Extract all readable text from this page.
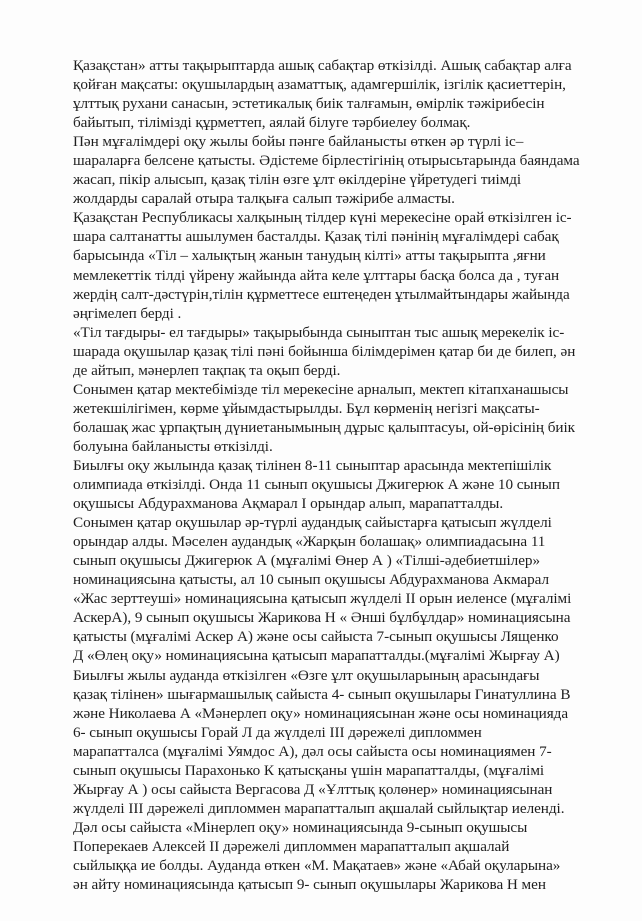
Қазақстан» атты тақырыптарда ашық сабақтар өткізілді. Ашық сабақтар алға
қойған мақсаты: оқушылардың азаматтық, адамгершілік, ізгілік қасиеттерін,
ұлттық рухани санасын, эстетикалық биік талғамын, өмірлік тәжірибесін
байытып, тілімізді құрметтеп, аялай білуге тәрбиелеу болмақ.
Пән мұғалімдері оқу жылы бойы пәнге байланысты өткен әр түрлі іс–
шараларға белсене қатысты. Әдістеме бірлестігінің отырысьтарында баяндама
жасап, пікір алысып, қазақ тілін өзге ұлт өкілдеріне үйретудегі тиімді
жолдарды саралай отыра талқыға салып тәжірибе алмасты.
Қазақстан Республикасы халқының тілдер күні мерекесіне орай өткізілген іс-
шара салтанатты ашылумен басталды. Қазақ тілі пәнінің мұғалімдері сабақ
барысында «Тіл – халықтың жанын танудың кілті» атты тақырыпта ,яғни
мемлекеттік тілді үйрену жайында айта келе ұлттары басқа болса да , туған
жердің салт-дәстүрін,тілін құрметтесе ештеңеден ұтылмайтындары жайында
әңгімелеп берді .
«Тіл тағдыры- ел тағдыры» тақырыбында сыныптан тыс ашық мерекелік іс-
шарада оқушылар қазақ тілі пәні бойынша білімдерімен қатар би де билеп, ән
де айтып, мәнерлеп тақпақ та оқып берді.
Сонымен қатар мектебімізде тіл мерекесіне арналып, мектеп кітапханашысы
жетекшілігімен, көрме ұйымдастырылды. Бұл көрменің негізгі мақсаты-
болашақ жас ұрпақтың дүниетанымының дұрыс қалыптасуы, ой-өрісінің биік
болуына байланысты өткізілді.
Биылғы оқу жылында қазақ тілінен 8-11 сыныптар арасында мектепішілік
олимпиада өткізілді. Онда 11 сынып оқушысы Джигерюк А және 10 сынып
оқушысы Абдурахманова Ақмарал I орындар алып, марапатталды.
Сонымен қатар оқушылар әр-түрлі аудандық сайыстарға қатысып жүлделі
орындар алды. Мәселен аудандық «Жарқын болашақ» олимпиадасына 11
сынып оқушысы Джигерюк А (мұғалімі Өнер А ) «Тілші-әдебиетшілер»
номинациясына қатысты, ал 10 сынып оқушысы Абдурахманова Акмарал
«Жас зерттеуші» номинациясына қатысып жүлделі ІІ орын иеленсе (мұғалімі
АскерА), 9 сынып оқушысы Жарикова Н « Әнші бұлбұлдар» номинациясына
қатысты (мұғалімі Аскер А) және осы сайыста 7-сынып оқушысы Лященко
Д «Өлең оқу» номинациясына қатысып марапатталды.(мұғалімі Жырғау А)
Биылғы жылы ауданда өткізілген «Өзге ұлт оқушыларының арасындағы
қазақ тілінен» шығармашылық сайыста 4- сынып оқушылары Гинатуллина В
және Николаева А «Мәнерлеп оқу» номинациясынан және осы номинацияда
6- сынып оқушысы Горай Л да жүлделі ІІІ дәрежелі дипломмен
марапатталса (мұғалімі Уямдос А), дәл осы сайыста осы номинациямен 7-
сынып оқушысы Парахонько К қатысқаны үшін марапатталды, (мұғалімі
Жырғау А ) осы сайыста Вергасова Д «Ұлттық қолөнер» номинациясынан
жүлделі ІІІ дәрежелі дипломмен марапатталып ақшалай сыйлықтар иеленді.
Дәл осы сайыста «Мінерлеп оқу» номинациясында 9-сынып оқушысы
Поперекаев Алексей ІІ дәрежелі дипломмен марапатталып ақшалай
сыйлыққа ие болды. Ауданда өткен «М. Мақатаев» және «Абай оқуларына»
ән айту номинациясында қатысып 9- сынып оқушылары Жарикова Н мен
